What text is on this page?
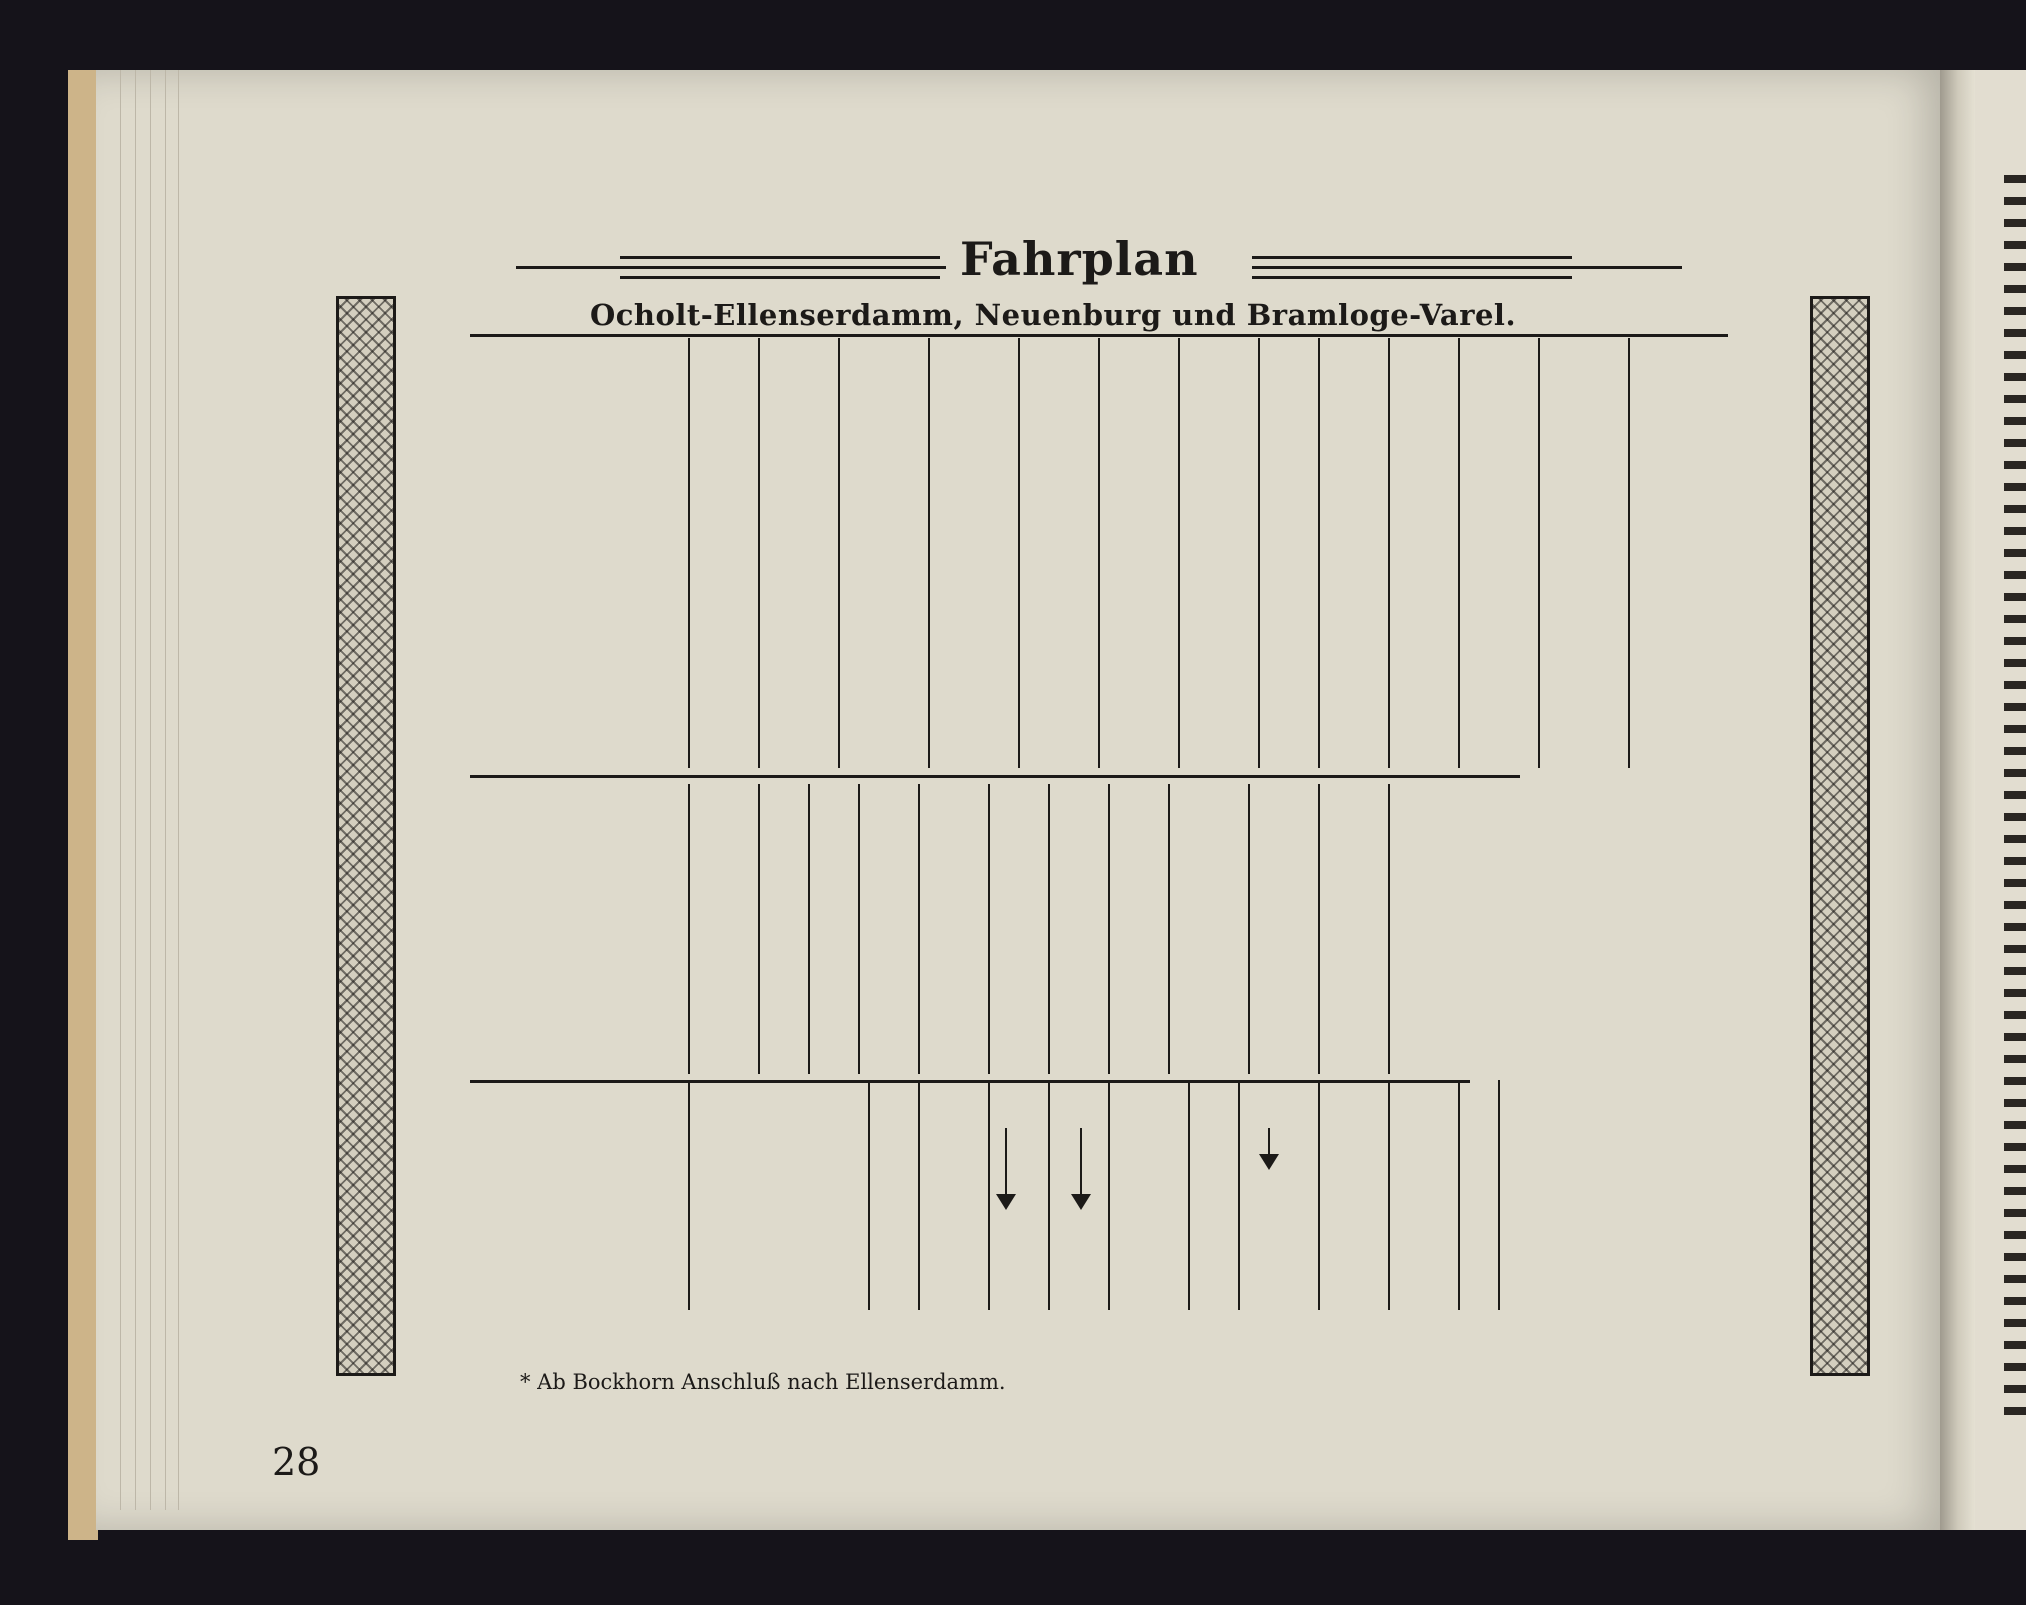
Fahrplan
Ocholt-Ellenserdamm, Neuenburg und Bramloge-Varel.
* Ab Bockhorn Anschluß nach Ellenserdamm.
28
